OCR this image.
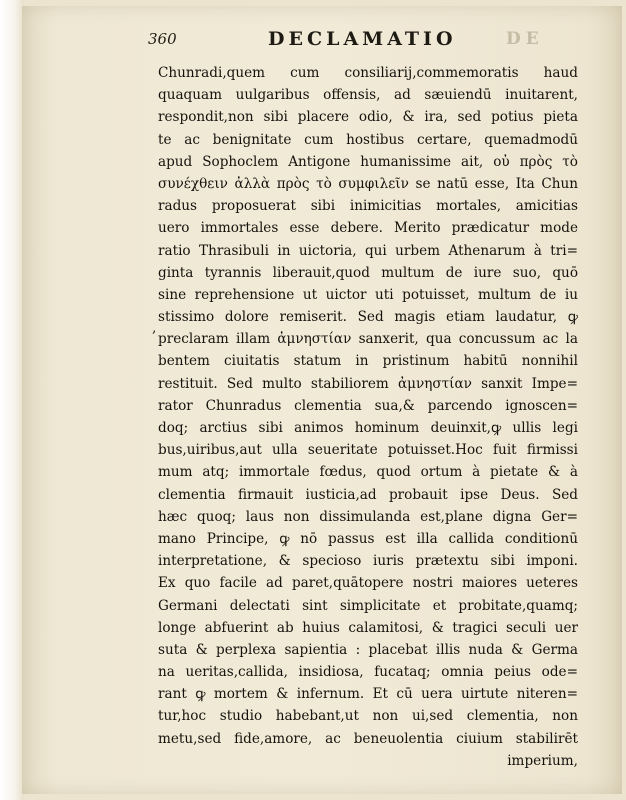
360	DECLAMATIO	DE
,
Chunradi,quem cum consiliarij,commemoratis haud
quaquam uulgaribus offensis, ad sæuiendū inuitarent,
respondit,non sibi placere odio, & ira, sed potius pieta
te ac benignitate cum hostibus certare, quemadmodū
apud Sophoclem Antigone humanissime ait, οὐ πρὸς τὸ
συνέχθειν ἀλλὰ πρὸς τὸ συμφιλεῖν se natū esse, Ita Chun
radus proposuerat sibi inimicitias mortales, amicitias
uero immortales esse debere. Merito prædicatur mode
ratio Thrasibuli in uictoria, qui urbem Athenarum à tri=
ginta tyrannis liberauit,quod multum de iure suo, quō
sine reprehensione ut uictor uti potuisset, multum de iu
stissimo dolore remiserit. Sed magis etiam laudatur, ꝙ
preclaram illam ἀμνηστίαν sanxerit, qua concussum ac la
bentem ciuitatis statum in pristinum habitū nonnihil
restituit. Sed multo stabiliorem ἀμνηστίαν sanxit Impe=
rator Chunradus clementia sua,& parcendo ignoscen=
doq; arctius sibi animos hominum deuinxit,ꝙ ullis legi
bus,uiribus,aut ulla seueritate potuisset.Hoc fuit firmissi
mum atq; immortale fœdus, quod ortum à pietate & à
clementia firmauit iusticia,ad probauit ipse Deus. Sed
hæc quoq; laus non dissimulanda est,plane digna Ger=
mano Principe, ꝙ nō passus est illa callida conditionū
interpretatione, & specioso iuris prætextu sibi imponi.
Ex quo facile ad paret,quātopere nostri maiores ueteres
Germani delectati sint simplicitate et probitate,quamq;
longe abfuerint ab huius calamitosi, & tragici seculi uer
suta & perplexa sapientia : placebat illis nuda & Germa
na ueritas,callida, insidiosa, fucataq; omnia peius ode=
rant ꝙ mortem & infernum. Et cū uera uirtute niteren=
tur,hoc studio habebant,ut non ui,sed clementia, non
metu,sed fide,amore, ac beneuolentia ciuium stabilirēt
imperium,
